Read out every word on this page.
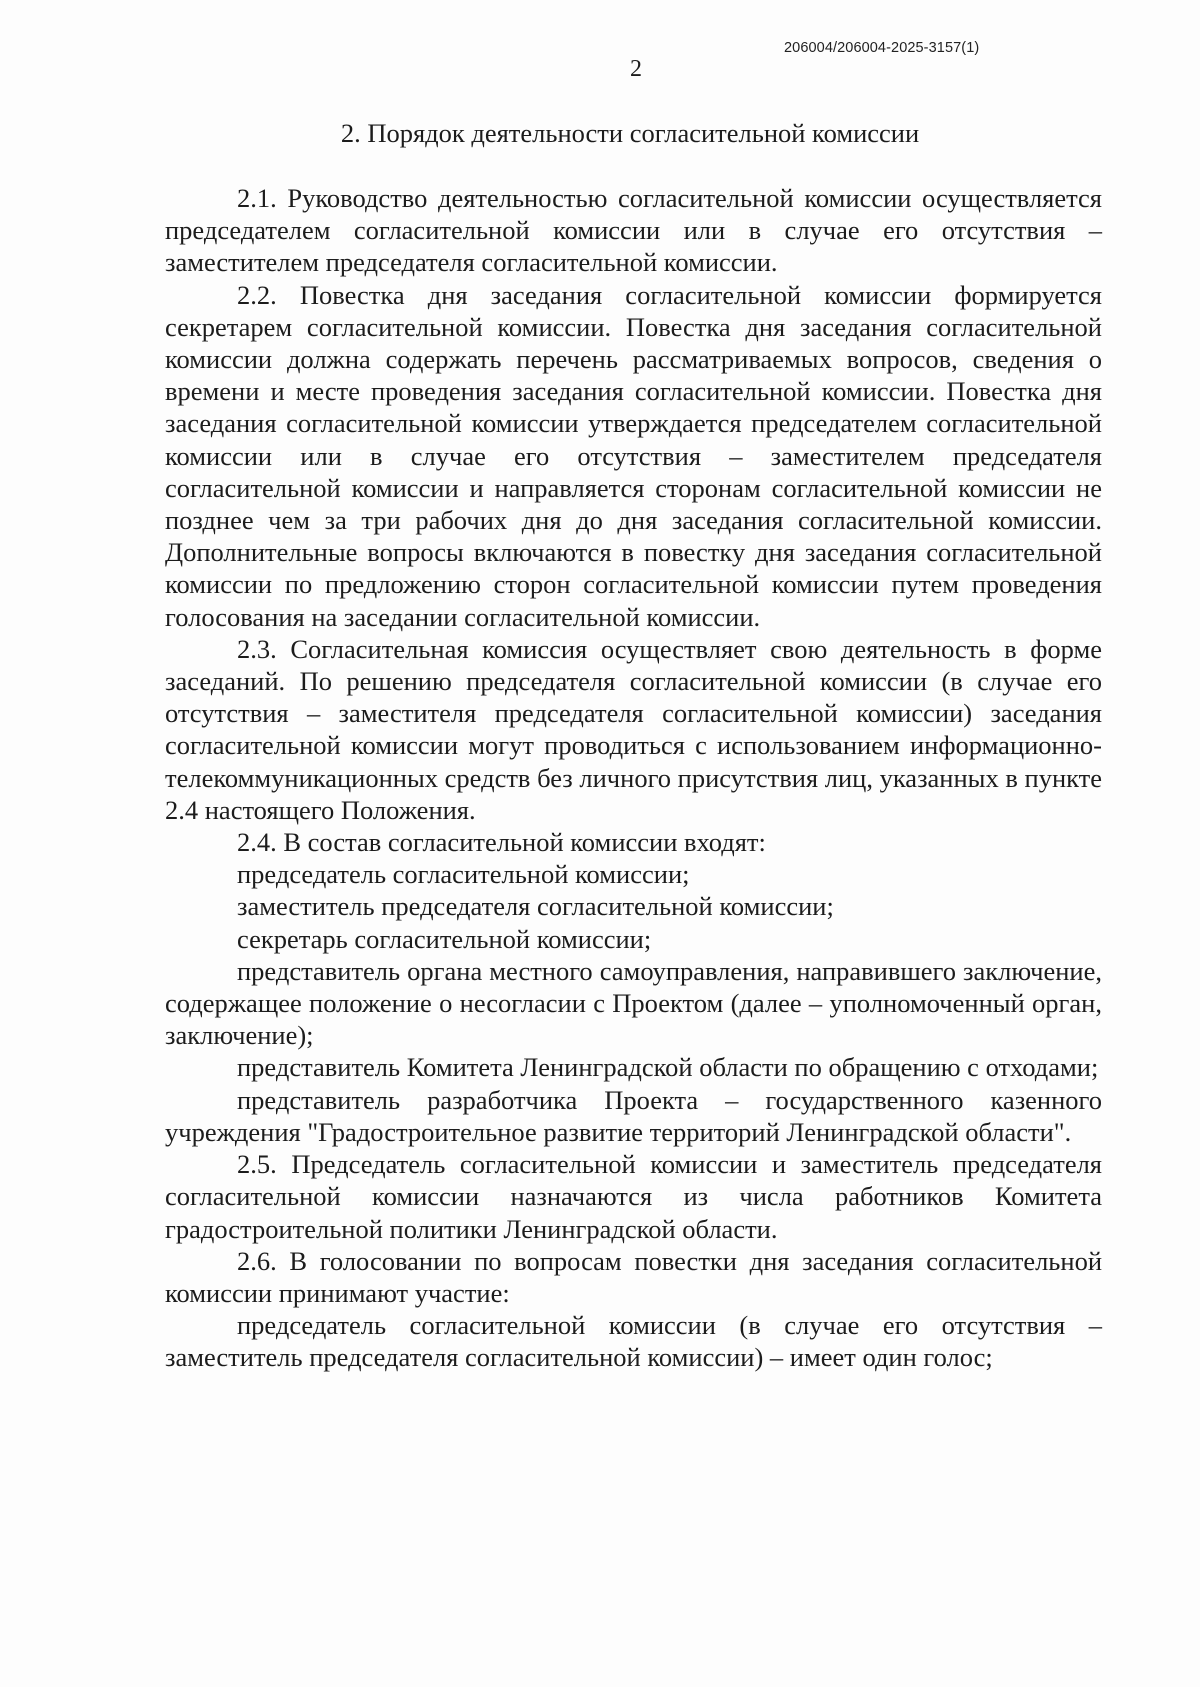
206004/206004-2025-3157(1)
2
2. Порядок деятельности согласительной комиссии

2.1. Руководство деятельностью согласительной комиссии осуществляется председателем согласительной комиссии или в случае его отсутствия – заместителем председателя согласительной комиссии.

2.2. Повестка дня заседания согласительной комиссии формируется секретарем согласительной комиссии. Повестка дня заседания согласительной комиссии должна содержать перечень рассматриваемых вопросов, сведения о времени и месте проведения заседания согласительной комиссии. Повестка дня заседания согласительной комиссии утверждается председателем согласительной комиссии или в случае его отсутствия – заместителем председателя согласительной комиссии и направляется сторонам согласительной комиссии не позднее чем за три рабочих дня до дня заседания согласительной комиссии. Дополнительные вопросы включаются в повестку дня заседания согласительной комиссии по предложению сторон согласительной комиссии путем проведения голосования на заседании согласительной комиссии.

2.3. Согласительная комиссия осуществляет свою деятельность в форме заседаний. По решению председателя согласительной комиссии (в случае его отсутствия – заместителя председателя согласительной комиссии) заседания согласительной комиссии могут проводиться с использованием информационно-телекоммуникационных средств без личного присутствия лиц, указанных в пункте 2.4 настоящего Положения.

2.4. В состав согласительной комиссии входят:

председатель согласительной комиссии;

заместитель председателя согласительной комиссии;

секретарь согласительной комиссии;

представитель органа местного самоуправления, направившего заключение, содержащее положение о несогласии с Проектом (далее – уполномоченный орган, заключение);

представитель Комитета Ленинградской области по обращению с отходами;

представитель разработчика Проекта – государственного казенного учреждения "Градостроительное развитие территорий Ленинградской области".

2.5. Председатель согласительной комиссии и заместитель председателя согласительной комиссии назначаются из числа работников Комитета градостроительной политики Ленинградской области.

2.6. В голосовании по вопросам повестки дня заседания согласительной комиссии принимают участие:

председатель согласительной комиссии (в случае его отсутствия – заместитель председателя согласительной комиссии) – имеет один голос;
